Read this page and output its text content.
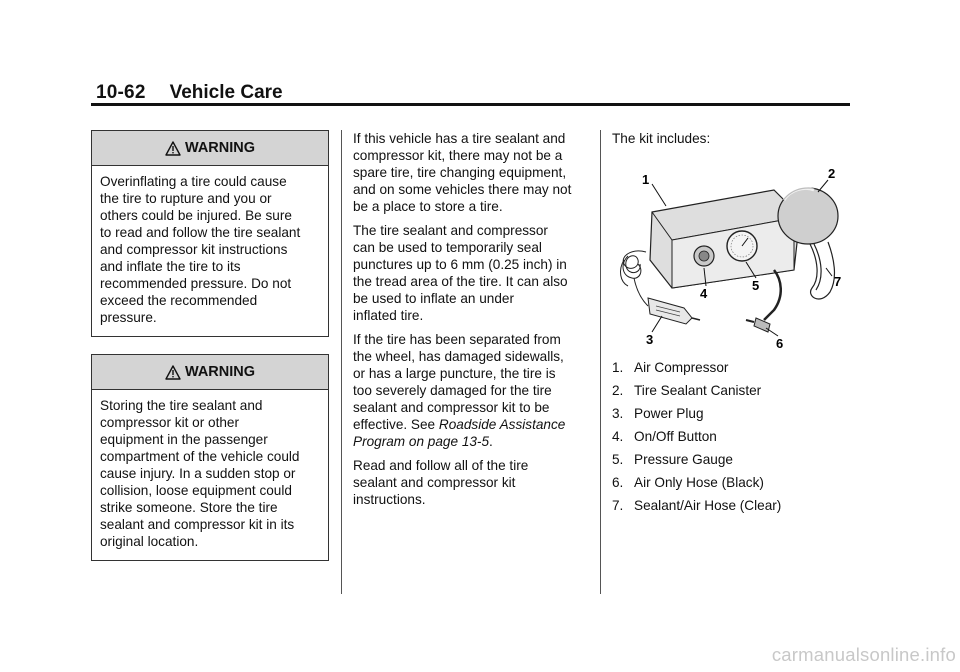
10-62 Vehicle Care
WARNING
Overinflating a tire could cause
the tire to rupture and you or
others could be injured. Be sure
to read and follow the tire sealant
and compressor kit instructions
and inflate the tire to its
recommended pressure. Do not
exceed the recommended
pressure.
WARNING
Storing the tire sealant and
compressor kit or other
equipment in the passenger
compartment of the vehicle could
cause injury. In a sudden stop or
collision, loose equipment could
strike someone. Store the tire
sealant and compressor kit in its
original location.

If this vehicle has a tire sealant and
compressor kit, there may not be a
spare tire, tire changing equipment,
and on some vehicles there may not
be a place to store a tire.

The tire sealant and compressor
can be used to temporarily seal
punctures up to 6 mm (0.25 inch) in
the tread area of the tire. It can also
be used to inflate an under
inflated tire.

If the tire has been separated from
the wheel, has damaged sidewalls,
or has a large puncture, the tire is
too severely damaged for the tire
sealant and compressor kit to be
effective. See Roadside Assistance
Program on page 13-5.

Read and follow all of the tire
sealant and compressor kit
instructions.

The kit includes:

1	2
3
4
5
6
7
1. Air Compressor
2. Tire Sealant Canister
3. Power Plug
4. On/Off Button
5. Pressure Gauge
6. Air Only Hose (Black)
7. Sealant/Air Hose (Clear)
carmanualsonline.info
